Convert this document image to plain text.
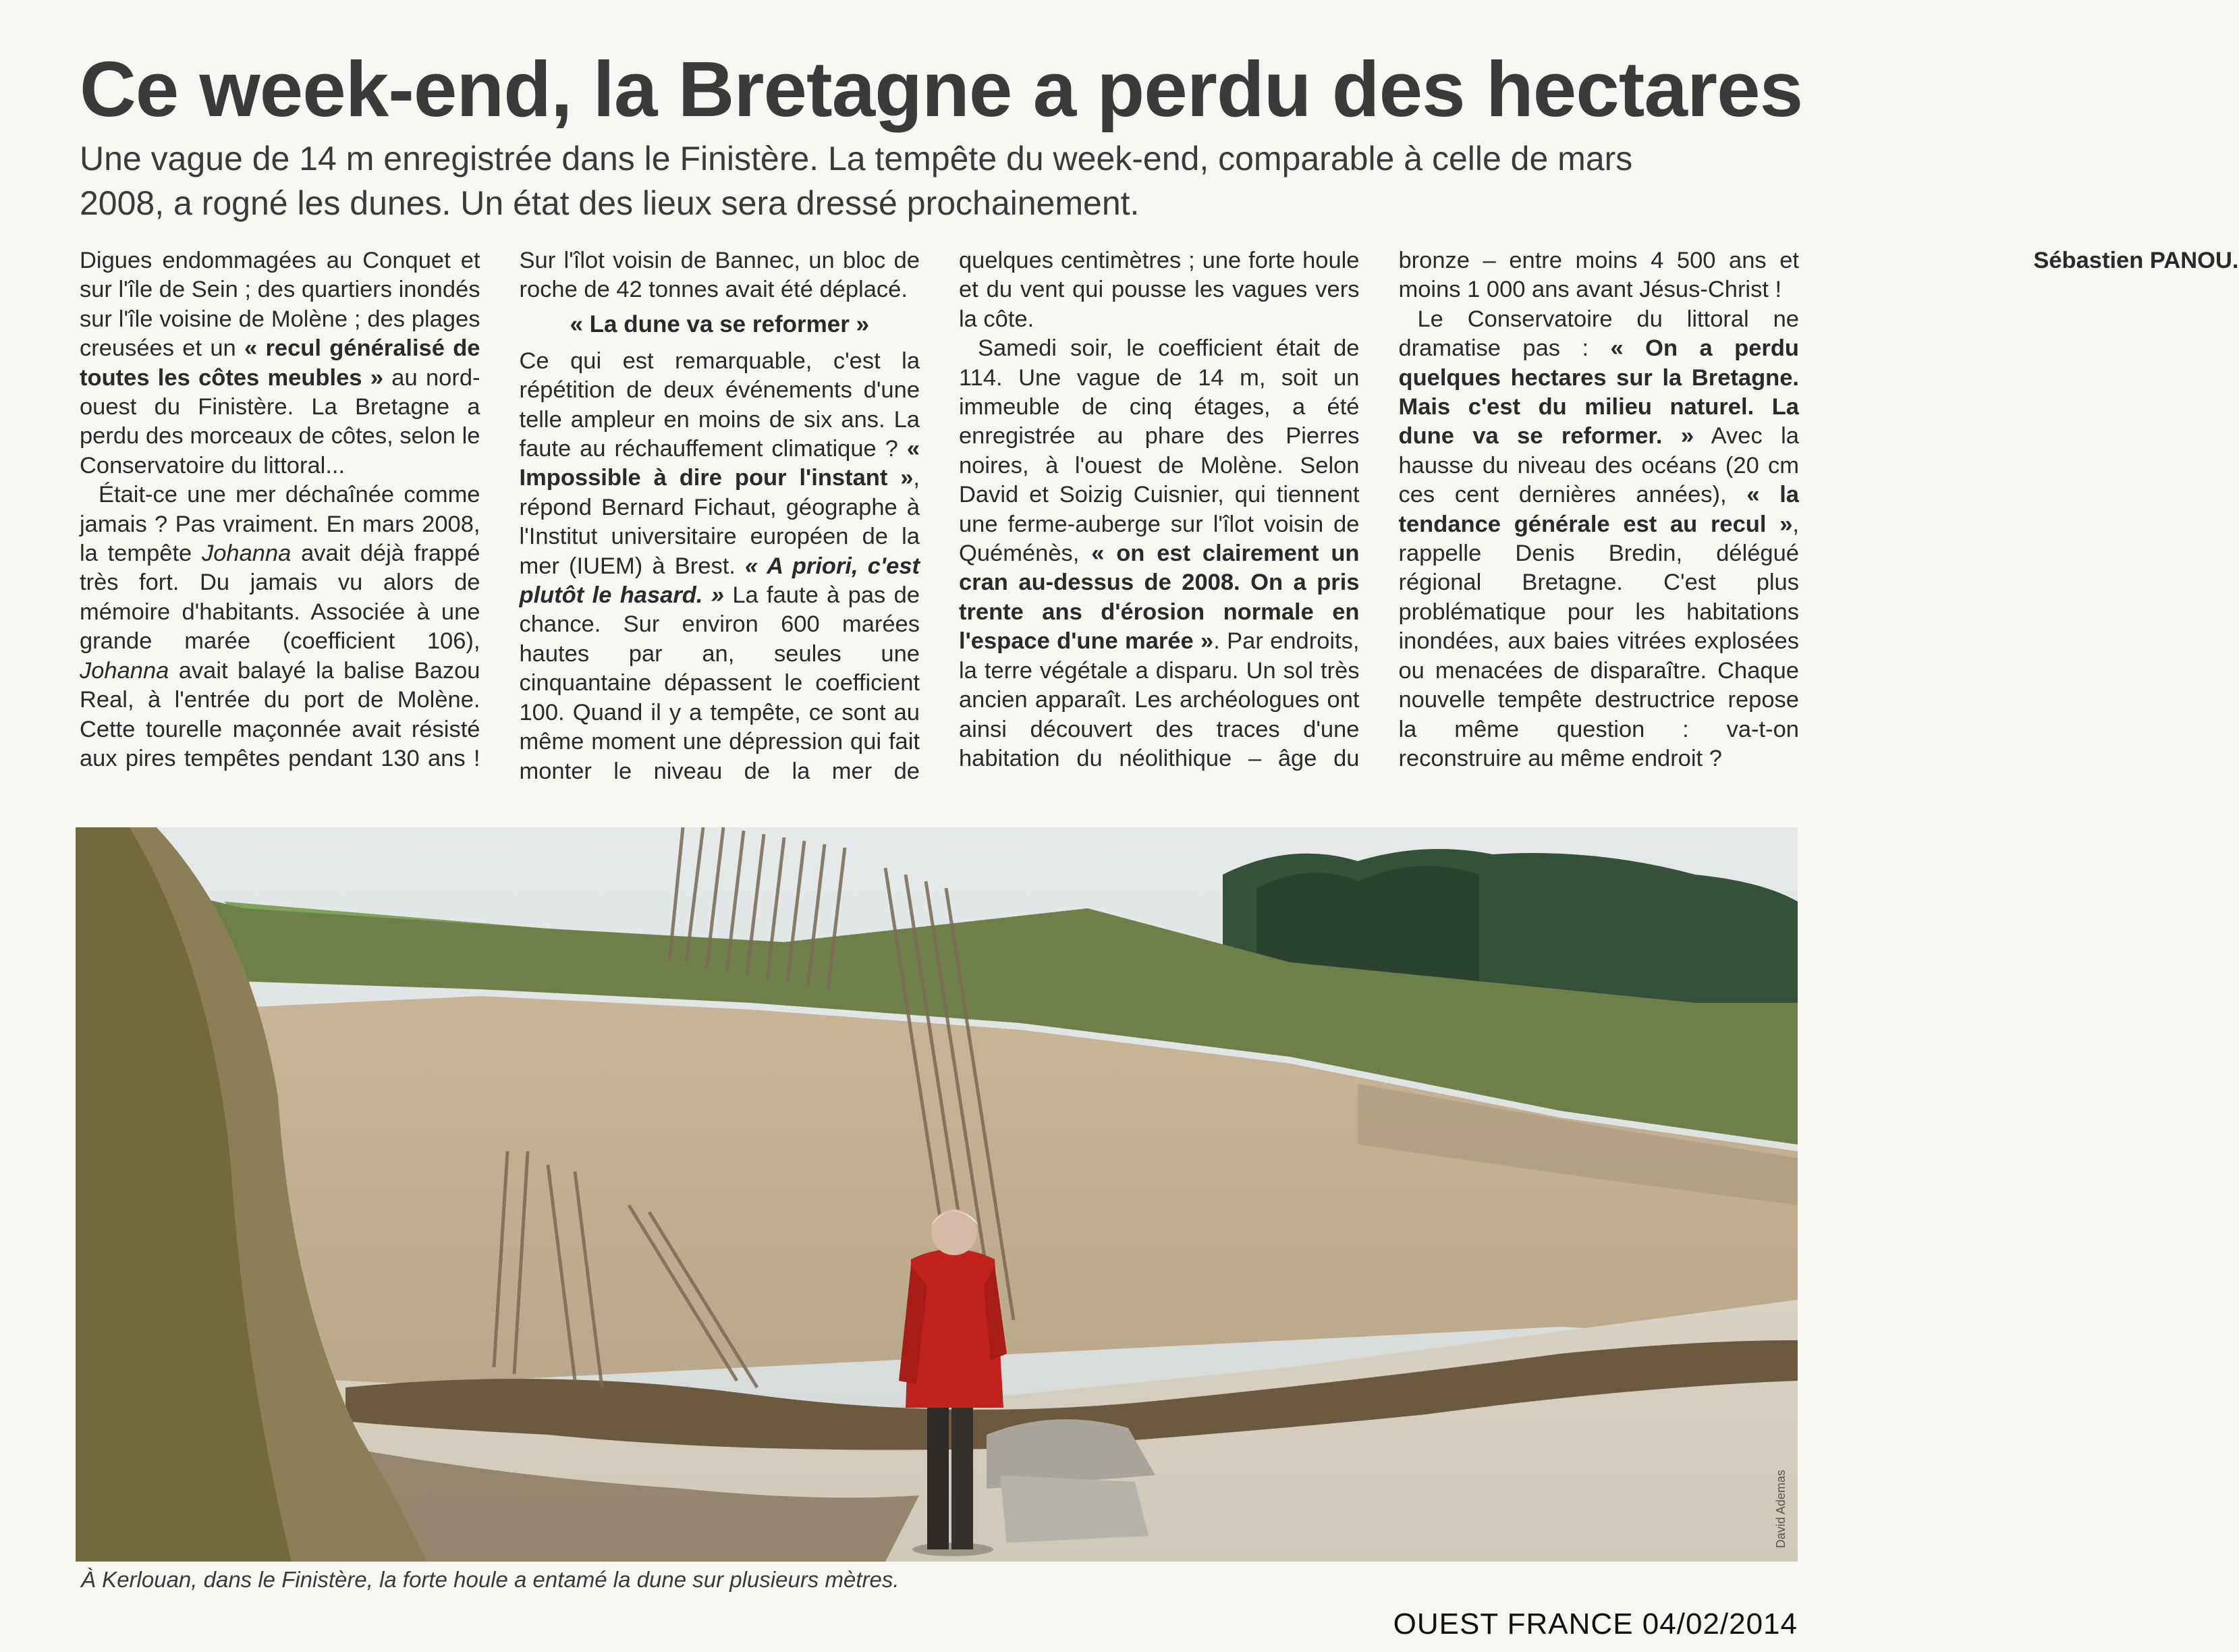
Ce week-end, la Bretagne a perdu des hectares

Une vague de 14 m enregistrée dans le Finistère. La tempête du week-end, comparable à celle de mars 2008, a rogné les dunes. Un état des lieux sera dressé prochainement.

Digues endommagées au Conquet et sur l'île de Sein ; des quartiers inondés sur l'île voisine de Molène ; des plages creusées et un « recul généralisé de toutes les côtes meubles » au nord-ouest du Finistère. La Bretagne a perdu des morceaux de côtes, selon le Conservatoire du littoral...

Était-ce une mer déchaînée comme jamais ? Pas vraiment. En mars 2008, la tempête Johanna avait déjà frappé très fort. Du jamais vu alors de mémoire d'habitants. Associée à une grande marée (coefficient 106), Johanna avait balayé la balise Bazou Real, à l'entrée du port de Molène. Cette tourelle maçonnée avait résisté aux pires tempêtes pendant 130 ans ! Sur l'îlot voisin de Bannec, un bloc de roche de 42 tonnes avait été déplacé.

« La dune va se reformer »

Ce qui est remarquable, c'est la répétition de deux événements d'une telle ampleur en moins de six ans. La faute au réchauffement climatique ? « Impossible à dire pour l'instant », répond Bernard Fichaut, géographe à l'Institut universitaire européen de la mer (IUEM) à Brest. « A priori, c'est plutôt le hasard. » La faute à pas de chance. Sur environ 600 marées hautes par an, seules une cinquantaine dépassent le coefficient 100. Quand il y a tempête, ce sont au même moment une dépression qui fait monter le niveau de la mer de quelques centimètres ; une forte houle et du vent qui pousse les vagues vers la côte.

Samedi soir, le coefficient était de 114. Une vague de 14 m, soit un immeuble de cinq étages, a été enregistrée au phare des Pierres noires, à l'ouest de Molène. Selon David et Soizig Cuisnier, qui tiennent une ferme-auberge sur l'îlot voisin de Quéménès, « on est clairement un cran au-dessus de 2008. On a pris trente ans d'érosion normale en l'espace d'une marée ». Par endroits, la terre végétale a disparu. Un sol très ancien apparaît. Les archéologues ont ainsi découvert des traces d'une habitation du néolithique – âge du bronze – entre moins 4 500 ans et moins 1 000 ans avant Jésus-Christ !

Le Conservatoire du littoral ne dramatise pas : « On a perdu quelques hectares sur la Bretagne. Mais c'est du milieu naturel. La dune va se reformer. » Avec la hausse du niveau des océans (20 cm ces cent dernières années), « la tendance générale est au recul », rappelle Denis Bredin, délégué régional Bretagne. C'est plus problématique pour les habitations inondées, aux baies vitrées explosées ou menacées de disparaître. Chaque nouvelle tempête destructrice repose la même question : va-t-on reconstruire au même endroit ?

Sébastien PANOU.

David Ademas
À Kerlouan, dans le Finistère, la forte houle a entamé la dune sur plusieurs mètres.
OUEST FRANCE 04/02/2014
